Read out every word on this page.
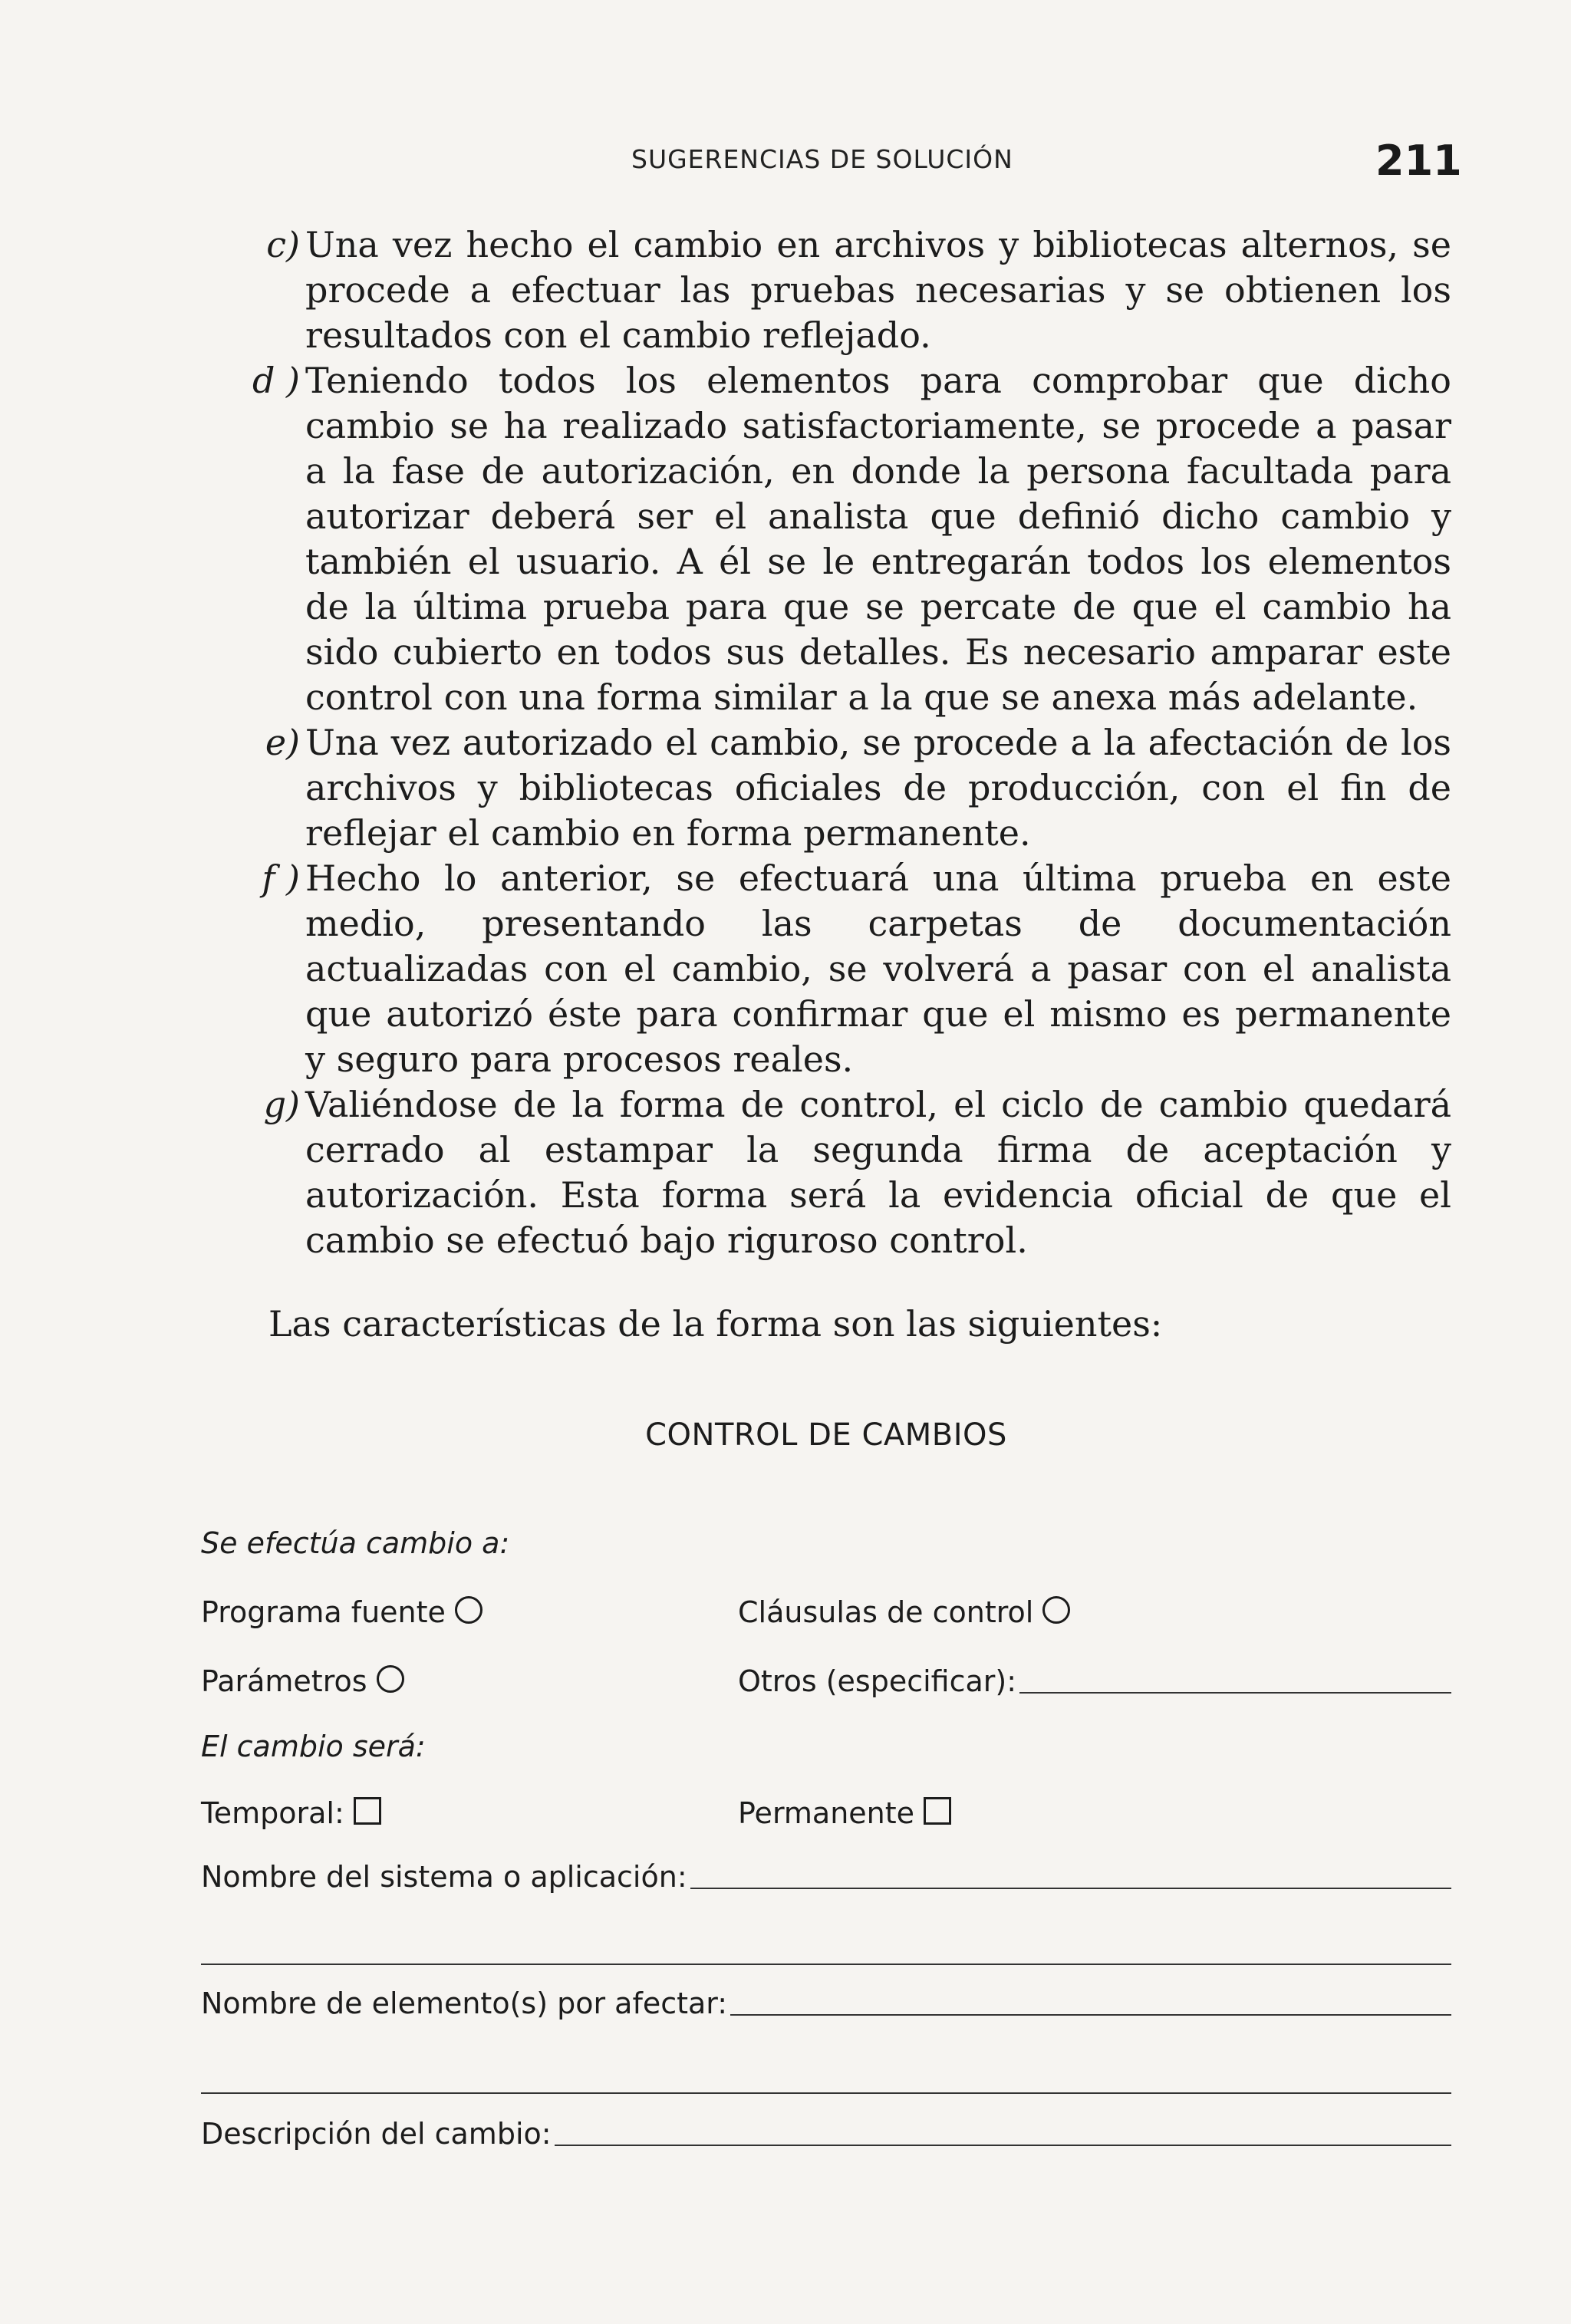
SUGERENCIAS DE SOLUCIÓN	211
c) Una vez hecho el cambio en archivos y bibliotecas alternos, se procede a efectuar las pruebas necesarias y se obtienen los resultados con el cambio reflejado.
d ) Teniendo todos los elementos para comprobar que dicho cambio se ha realizado satisfactoriamente, se procede a pasar a la fase de autorización, en donde la persona facultada para autorizar deberá ser el analista que definió dicho cambio y también el usuario. A él se le entregarán todos los elementos de la última prueba para que se percate de que el cambio ha sido cubierto en todos sus detalles. Es necesario amparar este control con una forma similar a la que se anexa más adelante.
e) Una vez autorizado el cambio, se procede a la afectación de los archivos y bibliotecas oficiales de producción, con el fin de reflejar el cambio en forma permanente.
f ) Hecho lo anterior, se efectuará una última prueba en este medio, presentando las carpetas de documentación actualizadas con el cambio, se volverá a pasar con el analista que autorizó éste para confirmar que el mismo es permanente y seguro para procesos reales.
g) Valiéndose de la forma de control, el ciclo de cambio quedará cerrado al estampar la segunda firma de aceptación y autorización. Esta forma será la evidencia oficial de que el cambio se efectuó bajo riguroso control.
Las características de la forma son las siguientes:
CONTROL DE CAMBIOS
Se efectúa cambio a:
Programa fuente	Cláusulas de control
Parámetros	Otros (especificar):
El cambio será:
Temporal:	Permanente
Nombre del sistema o aplicación:
Nombre de elemento(s) por afectar:
Descripción del cambio:
